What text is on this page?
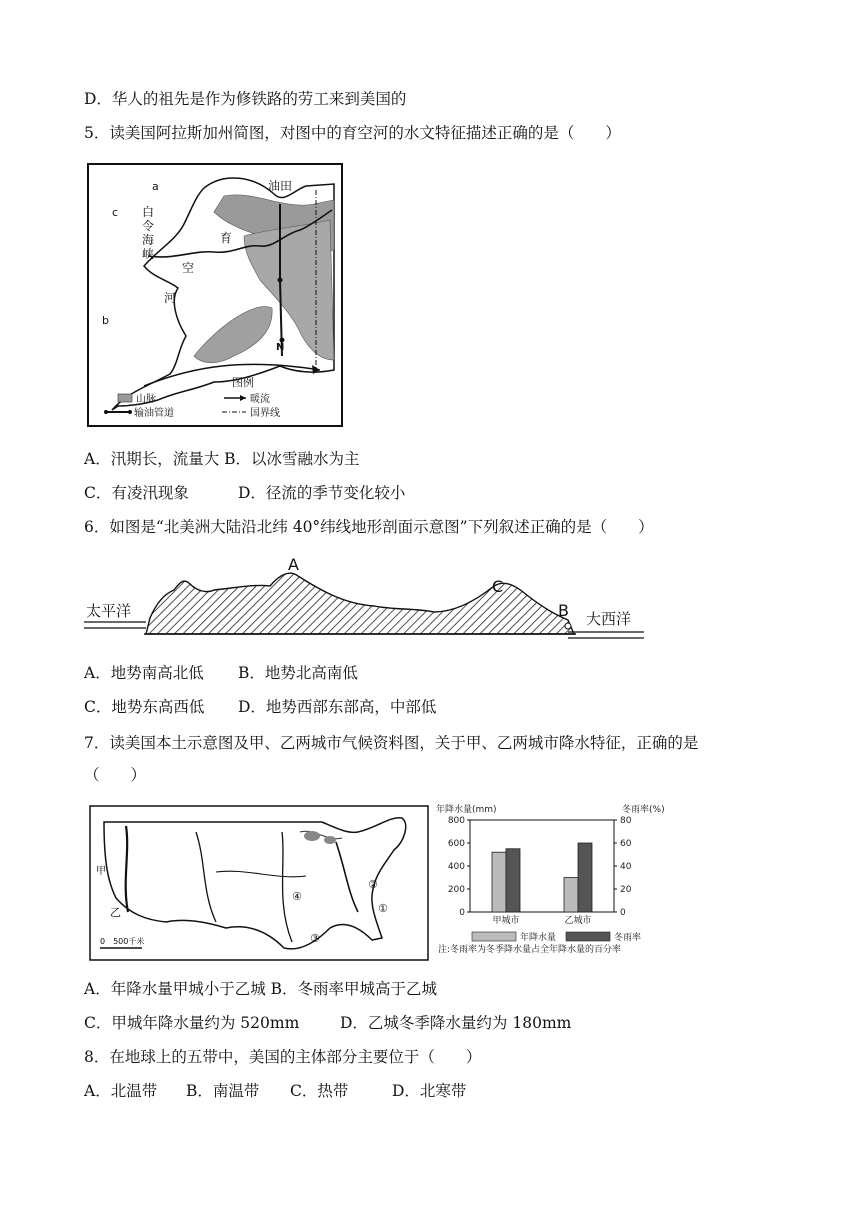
D．华人的祖先是作为修铁路的劳工来到美国的
5．读美国阿拉斯加州简图，对图中的育空河的水文特征描述正确的是（　　）
油田
白
令
海
峡
育
空
河
a
b
c
N
图例
山脉	暖流
输油管道	国界线
A．汛期长，流量大 B．以冰雪融水为主
C．有凌汛现象	D．径流的季节变化较小
6．如图是“北美洲大陆沿北纬 40°纬线地形剖面示意图”下列叙述正确的是（　　）
太平洋	大西洋
A
B
C
A．地势南高北低 B．地势北高南低
C．地势东高西低 D．地势西部东部高，中部低
7．读美国本土示意图及甲、乙两城市气候资料图，关于甲、乙两城市降水特征，正确的是
（　　）
甲
乙	①
②
③
④
0　500千米
年降水量(mm)	冬雨率(%)
0
200
400
600
800
0
20
40
60
80
甲城市	乙城市
年降水量	冬雨率
注:冬雨率为冬季降水量占全年降水量的百分率
A．年降水量甲城小于乙城 B．冬雨率甲城高于乙城
C．甲城年降水量约为 520mm	D．乙城冬季降水量约为 180mm
8．在地球上的五带中，美国的主体部分主要位于（　　）
A．北温带 B．南温带 C．热带	D．北寒带
